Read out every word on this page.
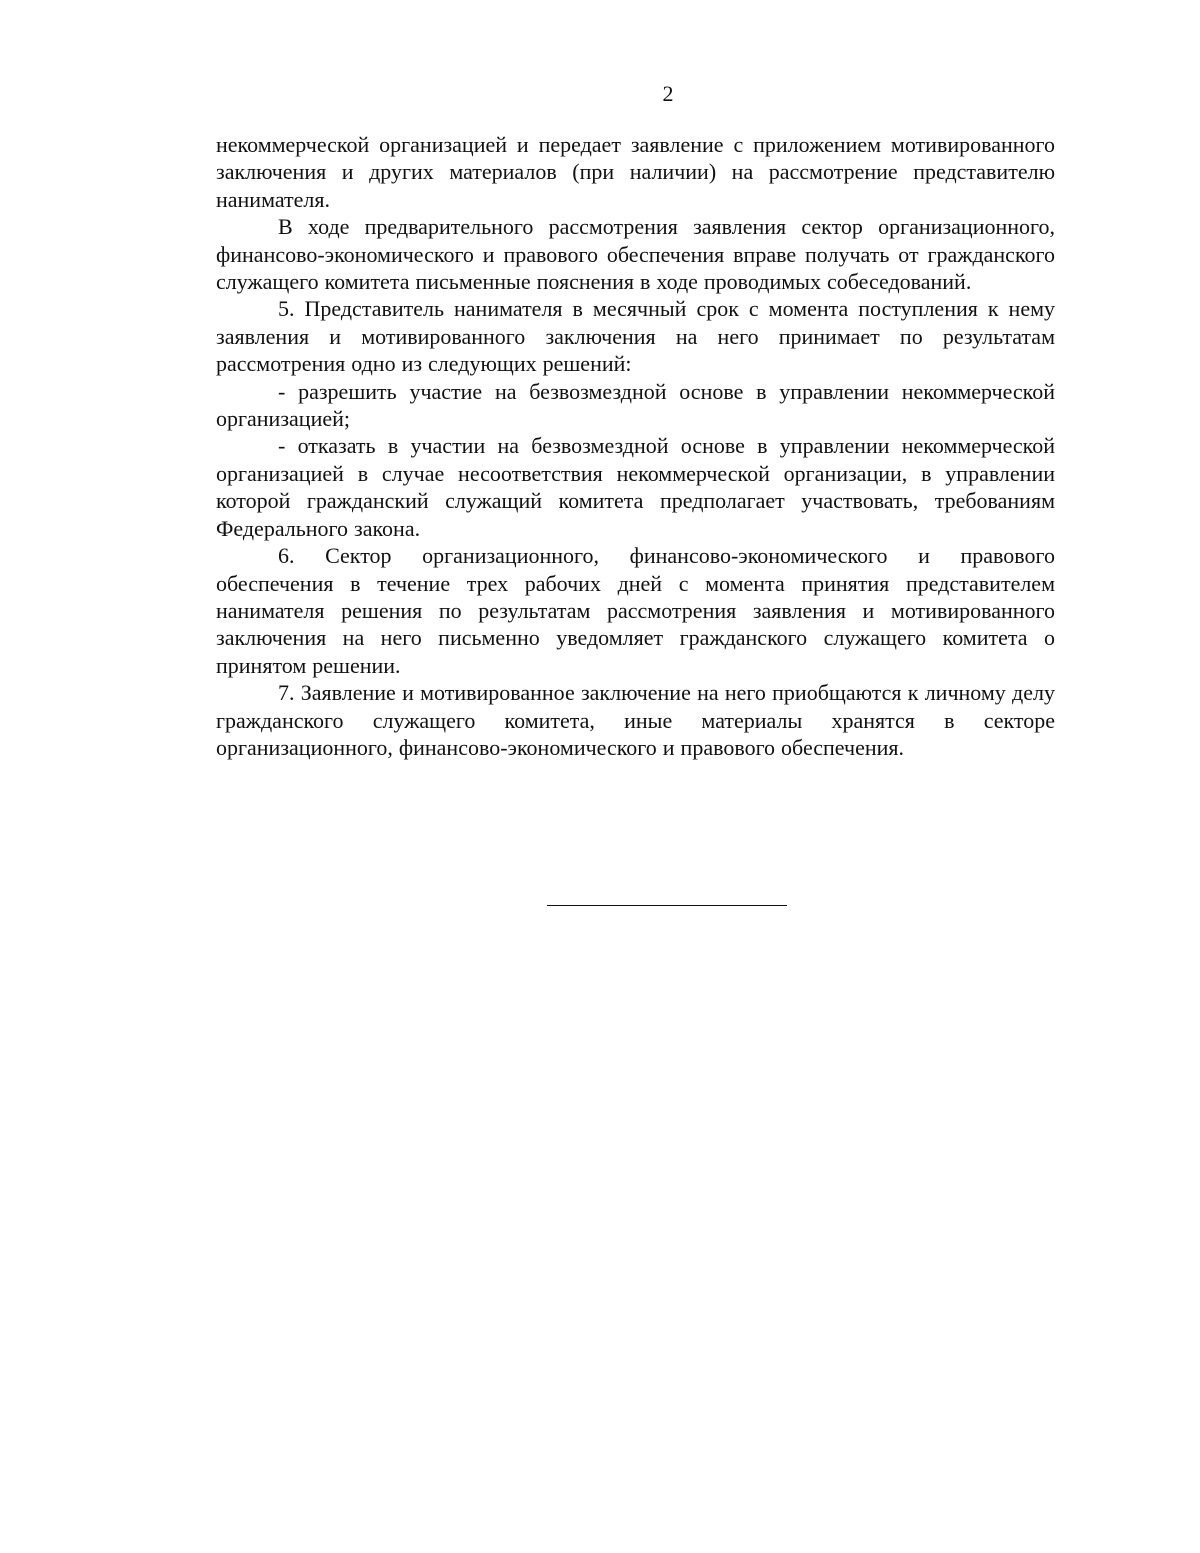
2

некоммерческой организацией и передает заявление с приложением мотивированного заключения и других материалов (при наличии) на рассмотрение представителю нанимателя.

В ходе предварительного рассмотрения заявления сектор организационного, финансово-экономического и правового обеспечения вправе получать от гражданского служащего комитета письменные пояснения в ходе проводимых собеседований.

5. Представитель нанимателя в месячный срок с момента поступления к нему заявления и мотивированного заключения на него принимает по результатам рассмотрения одно из следующих решений:

- разрешить участие на безвозмездной основе в управлении некоммерческой организацией;

- отказать в участии на безвозмездной основе в управлении некоммерческой организацией в случае несоответствия некоммерческой организации, в управлении которой гражданский служащий комитета предполагает участвовать, требованиям Федерального закона.

6. Сектор организационного, финансово-экономического и правового обеспечения в течение трех рабочих дней с момента принятия представителем нанимателя решения по результатам рассмотрения заявления и мотивированного заключения на него письменно уведомляет гражданского служащего комитета о принятом решении.

7. Заявление и мотивированное заключение на него приобщаются к личному делу гражданского служащего комитета, иные материалы хранятся в секторе организационного, финансово-экономического и правового обеспечения.
